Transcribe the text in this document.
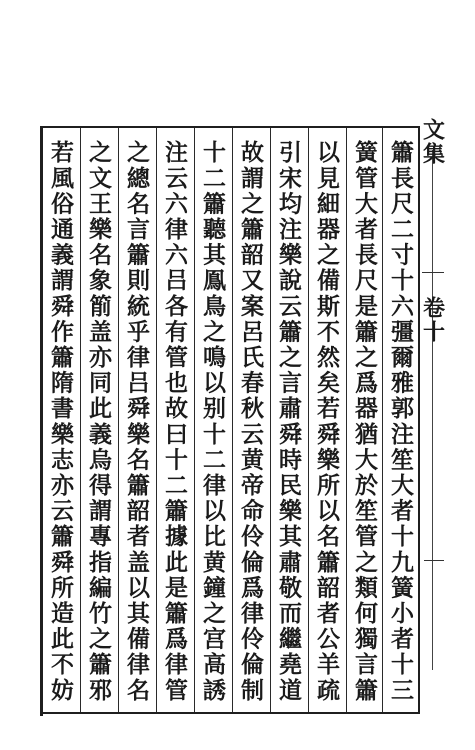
簫長尺二寸十六彊爾雅郭注笙大者十九簧小者十三
簧管大者長尺是簫之爲器猶大於笙管之類何獨言簫
以見細器之備斯不然矣若舜樂所以名簫韶者公羊疏
引宋均注樂說云簫之言肅舜時民樂其肅敬而繼堯道
故謂之簫韶又案呂氏春秋云黄帝命伶倫爲律伶倫制
十二簫聽其鳯鳥之鳴以别十二律以比黄鐘之宫高誘
注云六律六吕各有管也故曰十二簫據此是簫爲律管
之總名言簫則統乎律吕舜樂名簫韶者盖以其備律名
之文王樂名象箾盖亦同此義烏得謂專指編竹之簫邪
若風俗通義謂舜作簫隋書樂志亦云簫舜所造此不妨	文集
卷十
